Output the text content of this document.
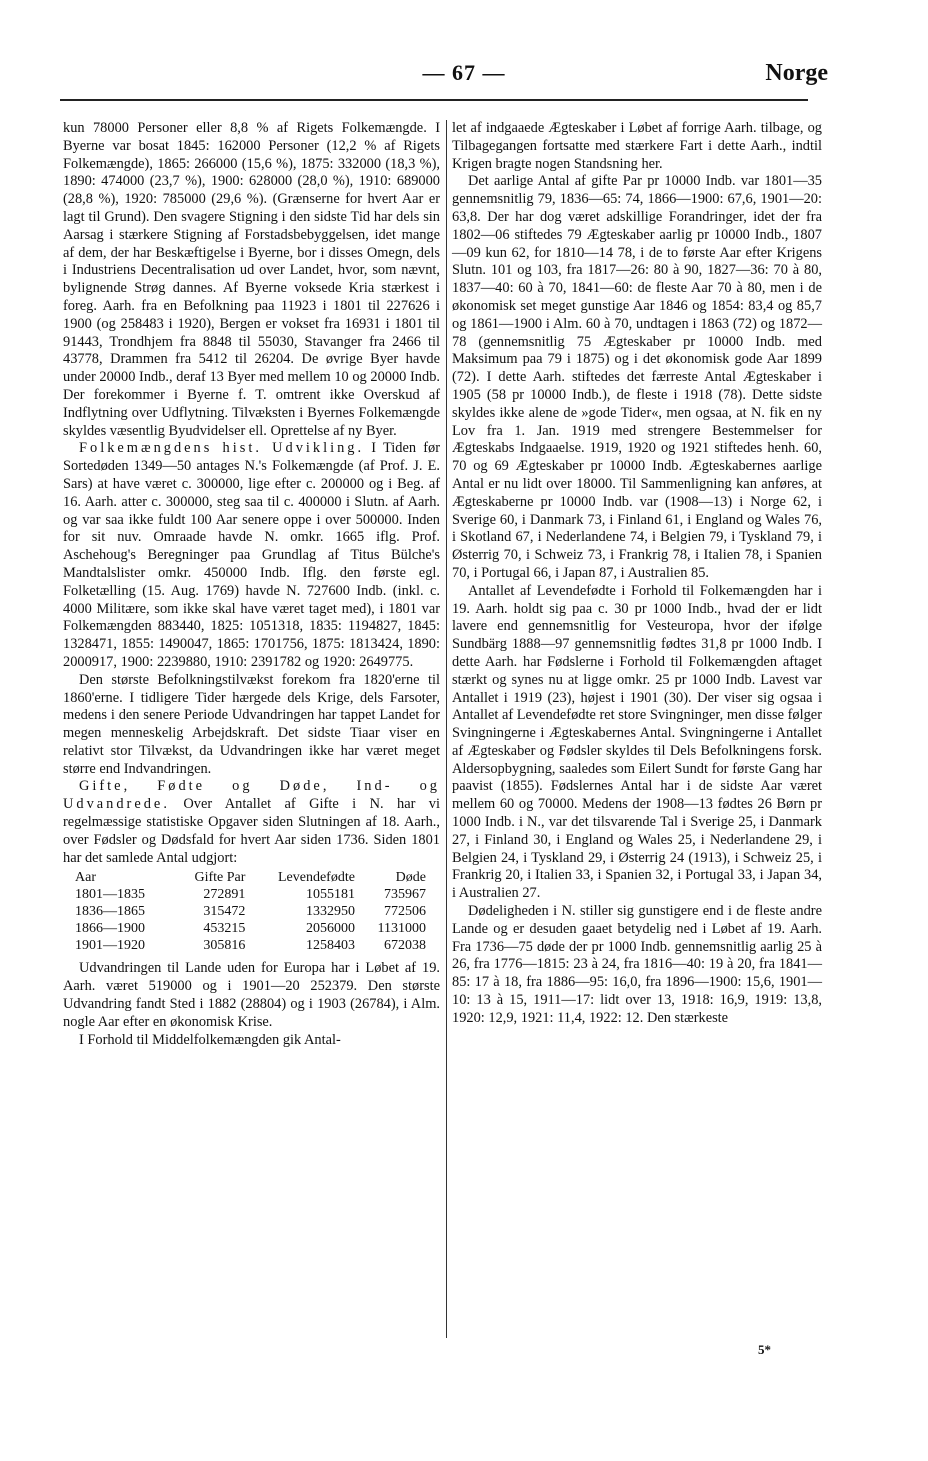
— 67 —	Norge

kun 78000 Personer eller 8,8 % af Rigets Folkemængde. I Byerne var bosat 1845: 162000 Personer (12,2 % af Rigets Folkemængde), 1865: 266000 (15,6 %), 1875: 332000 (18,3 %), 1890: 474000 (23,7 %), 1900: 628000 (28,0 %), 1910: 689000 (28,8 %), 1920: 785000 (29,6 %). (Grænserne for hvert Aar er lagt til Grund). Den svagere Stigning i den sidste Tid har dels sin Aarsag i stærkere Stigning af Forstadsbebyggelsen, idet mange af dem, der har Beskæftigelse i Byerne, bor i disses Omegn, dels i Industriens Decentralisation ud over Landet, hvor, som nævnt, bylignende Strøg dannes. Af Byerne voksede Kria stærkest i foreg. Aarh. fra en Befolkning paa 11923 i 1801 til 227626 i 1900 (og 258483 i 1920), Bergen er vokset fra 16931 i 1801 til 91443, Trondhjem fra 8848 til 55030, Stavanger fra 2466 til 43778, Drammen fra 5412 til 26204. De øvrige Byer havde under 20000 Indb., deraf 13 Byer med mellem 10 og 20000 Indb. Der forekommer i Byerne f. T. omtrent ikke Overskud af Indflytning over Udflytning. Tilvæksten i Byernes Folkemængde skyldes væsentlig Byudvidelser ell. Oprettelse af ny Byer.

Folkemængdens hist. Udvikling. I Tiden før Sortedøden 1349—50 antages N.'s Folkemængde (af Prof. J. E. Sars) at have været c. 300000, lige efter c. 200000 og i Beg. af 16. Aarh. atter c. 300000, steg saa til c. 400000 i Slutn. af Aarh. og var saa ikke fuldt 100 Aar senere oppe i over 500000. Inden for sit nuv. Omraade havde N. omkr. 1665 iflg. Prof. Aschehoug's Beregninger paa Grundlag af Titus Bülche's Mandtalslister omkr. 450000 Indb. Iflg. den første egl. Folketælling (15. Aug. 1769) havde N. 727600 Indb. (inkl. c. 4000 Militære, som ikke skal have været taget med), i 1801 var Folkemængden 883440, 1825: 1051318, 1835: 1194827, 1845: 1328471, 1855: 1490047, 1865: 1701756, 1875: 1813424, 1890: 2000917, 1900: 2239880, 1910: 2391782 og 1920: 2649775.

Den største Befolkningstilvækst forekom fra 1820'erne til 1860'erne. I tidligere Tider hærgede dels Krige, dels Farsoter, medens i den senere Periode Udvandringen har tappet Landet for megen menneskelig Arbejdskraft. Det sidste Tiaar viser en relativt stor Tilvækst, da Udvandringen ikke har været meget større end Indvandringen.

Gifte, Fødte og Døde, Ind- og Udvandrede. Over Antallet af Gifte i N. har vi regelmæssige statistiske Opgaver siden Slutningen af 18. Aarh., over Fødsler og Dødsfald for hvert Aar siden 1736. Siden 1801 har det samlede Antal udgjort:

Aar	Gifte Par	Levendefødte	Døde
1801—1835	272891	1055181	735967
1836—1865	315472	1332950	772506
1866—1900	453215	2056000	1131000
1901—1920	305816	1258403	672038

Udvandringen til Lande uden for Europa har i Løbet af 19. Aarh. været 519000 og i 1901—20 252379. Den største Udvandring fandt Sted i 1882 (28804) og i 1903 (26784), i Alm. nogle Aar efter en økonomisk Krise.

I Forhold til Middelfolkemængden gik Antal-

let af indgaaede Ægteskaber i Løbet af forrige Aarh. tilbage, og Tilbagegangen fortsatte med stærkere Fart i dette Aarh., indtil Krigen bragte nogen Standsning her.

Det aarlige Antal af gifte Par pr 10000 Indb. var 1801—35 gennemsnitlig 79, 1836—65: 74, 1866—1900: 67,6, 1901—20: 63,8. Der har dog været adskillige Forandringer, idet der fra 1802—06 stiftedes 79 Ægteskaber aarlig pr 10000 Indb., 1807—09 kun 62, for 1810—14 78, i de to første Aar efter Krigens Slutn. 101 og 103, fra 1817—26: 80 à 90, 1827—36: 70 à 80, 1837—40: 60 à 70, 1841—60: de fleste Aar 70 à 80, men i de økonomisk set meget gunstige Aar 1846 og 1854: 83,4 og 85,7 og 1861—1900 i Alm. 60 à 70, undtagen i 1863 (72) og 1872—78 (gennemsnitlig 75 Ægteskaber pr 10000 Indb. med Maksimum paa 79 i 1875) og i det økonomisk gode Aar 1899 (72). I dette Aarh. stiftedes det færreste Antal Ægteskaber i 1905 (58 pr 10000 Indb.), de fleste i 1918 (78). Dette sidste skyldes ikke alene de »gode Tider«, men ogsaa, at N. fik en ny Lov fra 1. Jan. 1919 med strengere Bestemmelser for Ægteskabs Indgaaelse. 1919, 1920 og 1921 stiftedes henh. 60, 70 og 69 Ægteskaber pr 10000 Indb. Ægteskabernes aarlige Antal er nu lidt over 18000. Til Sammenligning kan anføres, at Ægteskaberne pr 10000 Indb. var (1908—13) i Norge 62, i Sverige 60, i Danmark 73, i Finland 61, i England og Wales 76, i Skotland 67, i Nederlandene 74, i Belgien 79, i Tyskland 79, i Østerrig 70, i Schweiz 73, i Frankrig 78, i Italien 78, i Spanien 70, i Portugal 66, i Japan 87, i Australien 85.

Antallet af Levendefødte i Forhold til Folkemængden har i 19. Aarh. holdt sig paa c. 30 pr 1000 Indb., hvad der er lidt lavere end gennemsnitlig for Vesteuropa, hvor der ifølge Sundbärg 1888—97 gennemsnitlig fødtes 31,8 pr 1000 Indb. I dette Aarh. har Fødslerne i Forhold til Folkemængden aftaget stærkt og synes nu at ligge omkr. 25 pr 1000 Indb. Lavest var Antallet i 1919 (23), højest i 1901 (30). Der viser sig ogsaa i Antallet af Levendefødte ret store Svingninger, men disse følger Svingningerne i Ægteskabernes Antal. Svingningerne i Antallet af Ægteskaber og Fødsler skyldes til Dels Befolkningens forsk. Aldersopbygning, saaledes som Eilert Sundt for første Gang har paavist (1855). Fødslernes Antal har i de sidste Aar været mellem 60 og 70000. Medens der 1908—13 fødtes 26 Børn pr 1000 Indb. i N., var det tilsvarende Tal i Sverige 25, i Danmark 27, i Finland 30, i England og Wales 25, i Nederlandene 29, i Belgien 24, i Tyskland 29, i Østerrig 24 (1913), i Schweiz 25, i Frankrig 20, i Italien 33, i Spanien 32, i Portugal 33, i Japan 34, i Australien 27.

Dødeligheden i N. stiller sig gunstigere end i de fleste andre Lande og er desuden gaaet betydelig ned i Løbet af 19. Aarh. Fra 1736—75 døde der pr 1000 Indb. gennemsnitlig aarlig 25 à 26, fra 1776—1815: 23 à 24, fra 1816—40: 19 à 20, fra 1841—85: 17 à 18, fra 1886—95: 16,0, fra 1896—1900: 15,6, 1901—10: 13 à 15, 1911—17: lidt over 13, 1918: 16,9, 1919: 13,8, 1920: 12,9, 1921: 11,4, 1922: 12. Den stærkeste

5*
